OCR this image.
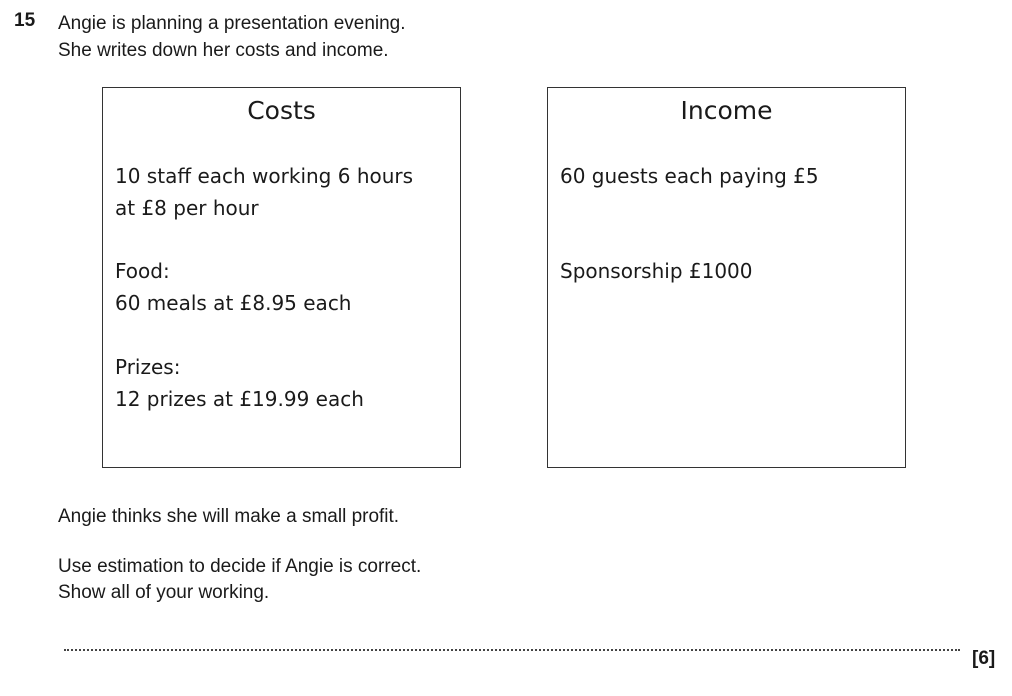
15 Angie is planning a presentation evening.
She writes down her costs and income.
Costs
10 staff each working 6 hours
at £8 per hour
Food:
60 meals at £8.95 each
Prizes:
12 prizes at £19.99 each
Income
60 guests each paying £5
Sponsorship £1000
Angie thinks she will make a small profit.
Use estimation to decide if Angie is correct.
Show all of your working.
[6]
